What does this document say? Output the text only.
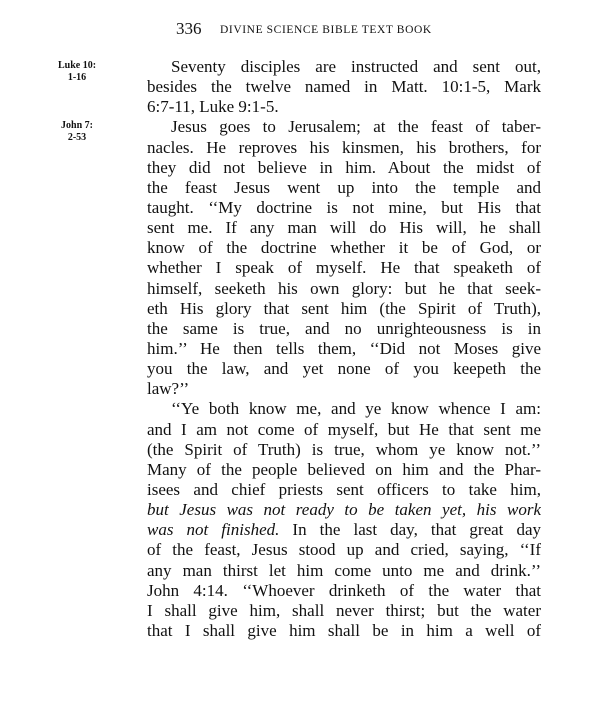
336 DIVINE SCIENCE BIBLE TEXT BOOK
Luke 10:
1-16
John 7:
2-53
Seventy disciples are instructed and sent out,
besides the twelve named in Matt. 10:1-5, Mark
6:7-11, Luke 9:1-5.
Jesus goes to Jerusalem; at the feast of taber-
nacles. He reproves his kinsmen, his brothers, for
they did not believe in him. About the midst of
the feast Jesus went up into the temple and
taught. ‘‘My doctrine is not mine, but His that
sent me. If any man will do His will, he shall
know of the doctrine whether it be of God, or
whether I speak of myself. He that speaketh of
himself, seeketh his own glory: but he that seek-
eth His glory that sent him (the Spirit of Truth),
the same is true, and no unrighteousness is in
him.’’ He then tells them, ‘‘Did not Moses give
you the law, and yet none of you keepeth the
law?’’
‘‘Ye both know me, and ye know whence I am:
and I am not come of myself, but He that sent me
(the Spirit of Truth) is true, whom ye know not.’’
Many of the people believed on him and the Phar-
isees and chief priests sent officers to take him,
but Jesus was not ready to be taken yet, his work
was not finished. In the last day, that great day
of the feast, Jesus stood up and cried, saying, ‘‘If
any man thirst let him come unto me and drink.’’
John 4:14. ‘‘Whoever drinketh of the water that
I shall give him, shall never thirst; but the water
that I shall give him shall be in him a well of
